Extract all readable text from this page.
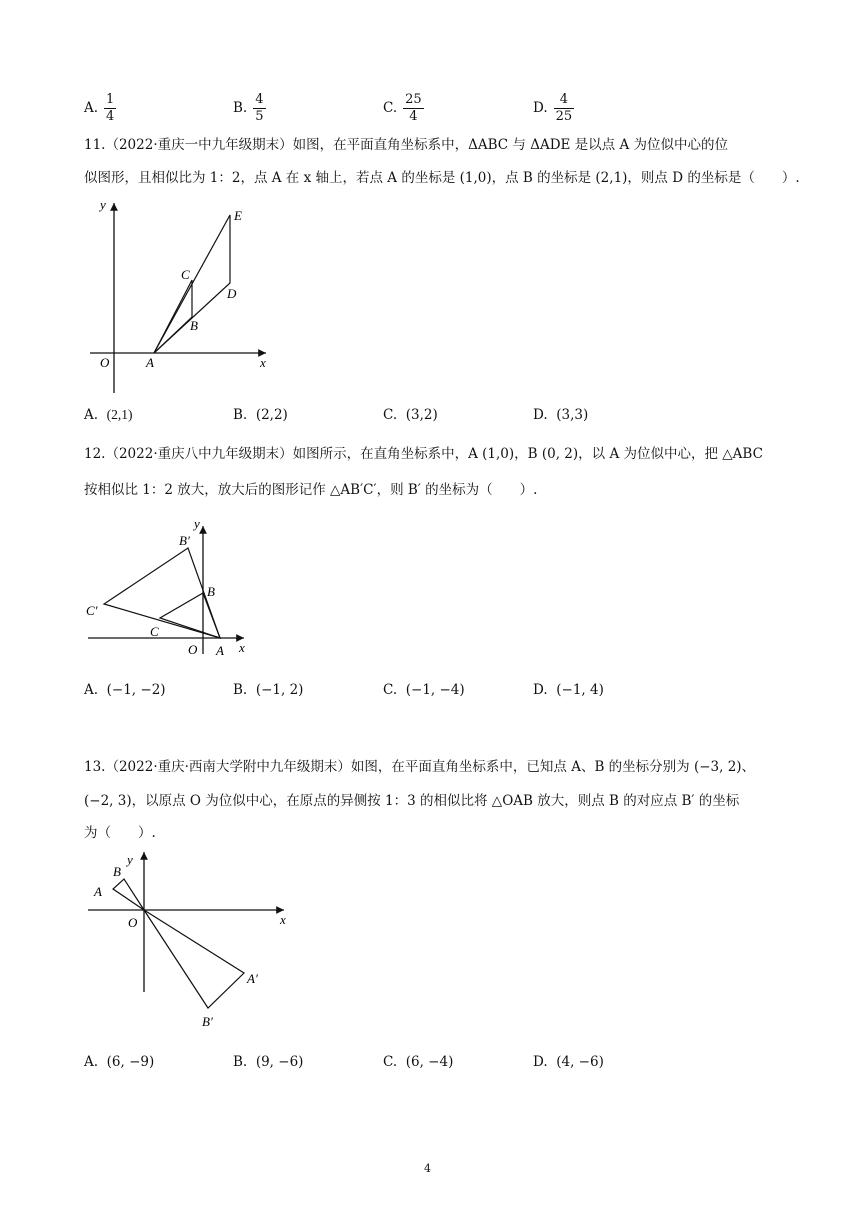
A. $\frac{1}{4}$	B. $\frac{4}{5}$	C. $\frac{25}{4}$	D. $\frac{4}{25}$
11.（2022·重庆一中九年级期末）如图，在平面直角坐标系中，ΔABC 与 ΔADE 是以点 A 为位似中心的位
似图形，且相似比为 1：2，点 A 在 x 轴上，若点 A 的坐标是 (1,0)，点 B 的坐标是 (2,1)，则点 D 的坐标是（　　）.
y
E
C
D
B
O	A	x
A. (2,1)	B. (2,2)	C. (3,2)	D. (3,3)
12.（2022·重庆八中九年级期末）如图所示，在直角坐标系中，A (1,0)，B (0, 2)，以 A 为位似中心，把 △ABC
按相似比 1：2 放大，放大后的图形记作 △AB′C′，则 B′ 的坐标为（　　）.
y
B′
B
C′
C
O A x
A. (−1, −2)	B. (−1, 2)	C. (−1, −4)	D. (−1, 4)
13.（2022·重庆·西南大学附中九年级期末）如图，在平面直角坐标系中，已知点 A、B 的坐标分别为 (−3, 2)、
(−2, 3)，以原点 O 为位似中心，在原点的异侧按 1：3 的相似比将 △OAB 放大，则点 B 的对应点 B′ 的坐标
为（　　）.
y
B
A
O	x
A′
B′
A. (6, −9)	B. (9, −6)	C. (6, −4)	D. (4, −6)
4
